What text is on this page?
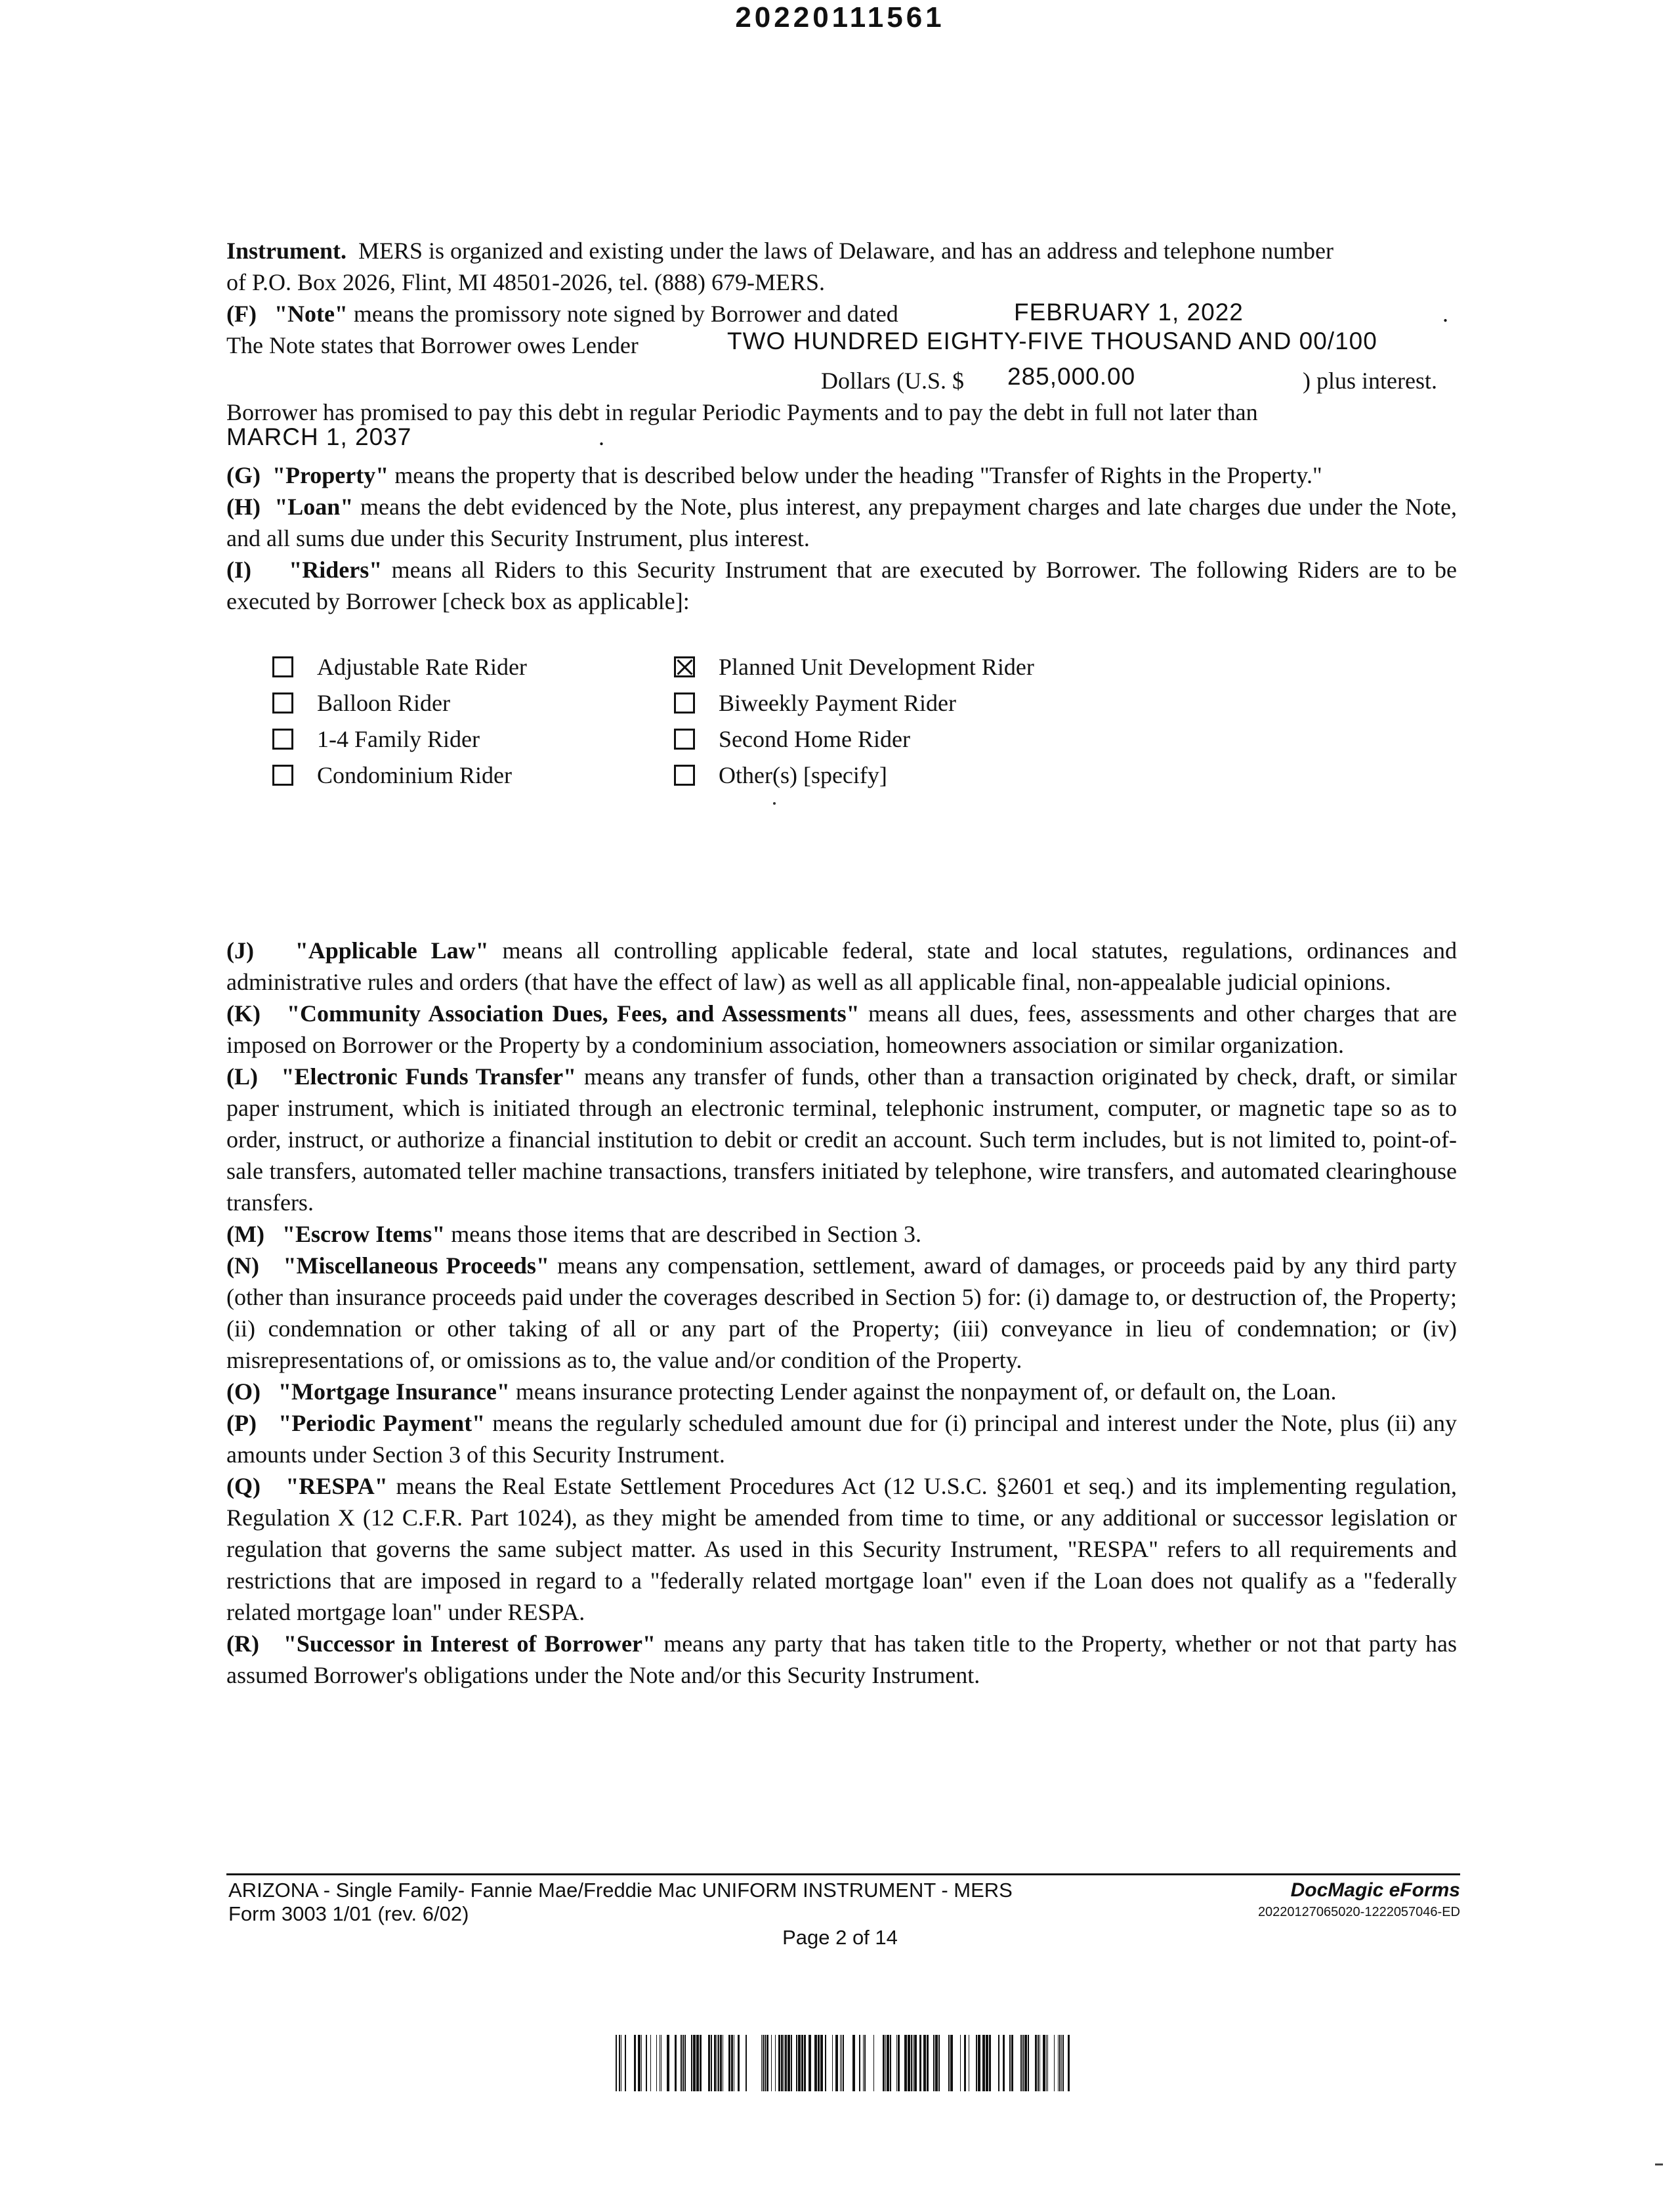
20220111561
Instrument. MERS is organized and existing under the laws of Delaware, and has an address and telephone number
of P.O. Box 2026, Flint, MI 48501-2026, tel. (888) 679-MERS.
(F) "Note" means the promissory note signed by Borrower and dated	FEBRUARY 1, 2022	.
The Note states that Borrower owes Lender	TWO HUNDRED EIGHTY-FIVE THOUSAND AND 00/100
Dollars (U.S. $ 285,000.00	) plus interest.
Borrower has promised to pay this debt in regular Periodic Payments and to pay the debt in full not later than
MARCH 1, 2037	.
(G) "Property" means the property that is described below under the heading "Transfer of Rights in the Property."
(H) "Loan" means the debt evidenced by the Note, plus interest, any prepayment charges and late charges due under the Note, and all sums due under this Security Instrument, plus interest.
(I) "Riders" means all Riders to this Security Instrument that are executed by Borrower. The following Riders are to be executed by Borrower [check box as applicable]:
Adjustable Rate Rider
Balloon Rider
1-4 Family Rider
Condominium Rider
Planned Unit Development Rider
Biweekly Payment Rider
Second Home Rider
Other(s) [specify]
(J) "Applicable Law" means all controlling applicable federal, state and local statutes, regulations, ordinances and administrative rules and orders (that have the effect of law) as well as all applicable final, non-appealable judicial opinions.
(K) "Community Association Dues, Fees, and Assessments" means all dues, fees, assessments and other charges that are imposed on Borrower or the Property by a condominium association, homeowners association or similar organization.
(L) "Electronic Funds Transfer" means any transfer of funds, other than a transaction originated by check, draft, or similar paper instrument, which is initiated through an electronic terminal, telephonic instrument, computer, or magnetic tape so as to order, instruct, or authorize a financial institution to debit or credit an account. Such term includes, but is not limited to, point-of-sale transfers, automated teller machine transactions, transfers initiated by telephone, wire transfers, and automated clearinghouse transfers.
(M) "Escrow Items" means those items that are described in Section 3.
(N) "Miscellaneous Proceeds" means any compensation, settlement, award of damages, or proceeds paid by any third party (other than insurance proceeds paid under the coverages described in Section 5) for: (i) damage to, or destruction of, the Property; (ii) condemnation or other taking of all or any part of the Property; (iii) conveyance in lieu of condemnation; or (iv) misrepresentations of, or omissions as to, the value and/or condition of the Property.
(O) "Mortgage Insurance" means insurance protecting Lender against the nonpayment of, or default on, the Loan.
(P) "Periodic Payment" means the regularly scheduled amount due for (i) principal and interest under the Note, plus (ii) any amounts under Section 3 of this Security Instrument.
(Q) "RESPA" means the Real Estate Settlement Procedures Act (12 U.S.C. §2601 et seq.) and its implementing regulation, Regulation X (12 C.F.R. Part 1024), as they might be amended from time to time, or any additional or successor legislation or regulation that governs the same subject matter. As used in this Security Instrument, "RESPA" refers to all requirements and restrictions that are imposed in regard to a "federally related mortgage loan" even if the Loan does not qualify as a "federally related mortgage loan" under RESPA.
(R) "Successor in Interest of Borrower" means any party that has taken title to the Property, whether or not that party has assumed Borrower's obligations under the Note and/or this Security Instrument.
ARIZONA - Single Family- Fannie Mae/Freddie Mac UNIFORM INSTRUMENT - MERS
Form 3003 1/01 (rev. 6/02)
DocMagic eForms
20220127065020-1222057046-ED
Page 2 of 14
